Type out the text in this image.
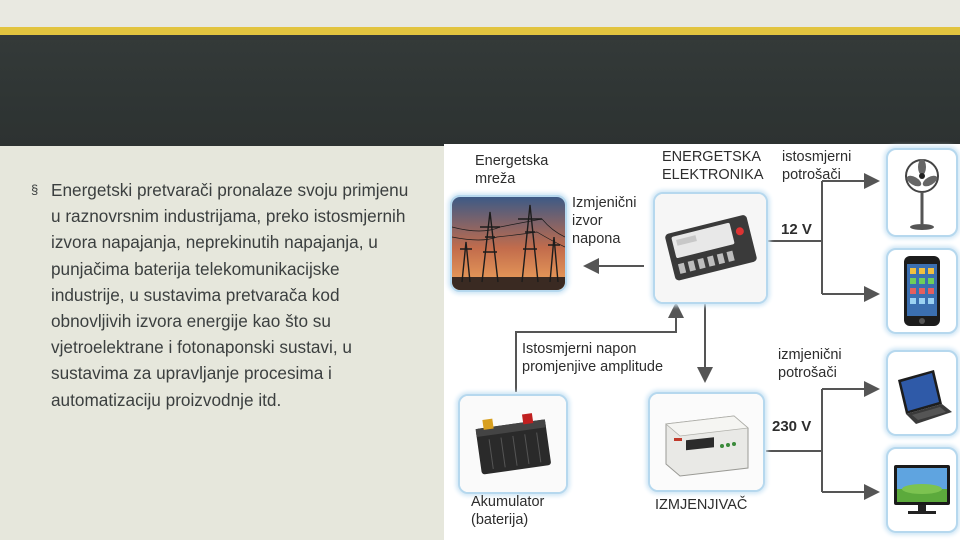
§ Energetski pretvarači pronalaze svoju primjenu u raznovrsnim industrijama, preko istosmjernih izvora napajanja, neprekinutih napajanja, u punjačima baterija telekomunikacijske industrije, u sustavima pretvarača kod obnovljivih izvora energije kao što su vjetroelektrane i fotonaponski sustavi, u sustavima za upravljanje procesima i automatizaciju proizvodnje itd.
Energetska
mreža
ENERGETSKA
ELEKTRONIKA
istosmjerni
potrošači
Izmjenični
izvor
napona
12 V
Istosmjerni napon
promjenjive amplitude
izmjenični
potrošači
230 V
Akumulator
(baterija)
IZMJENJIVAČ
